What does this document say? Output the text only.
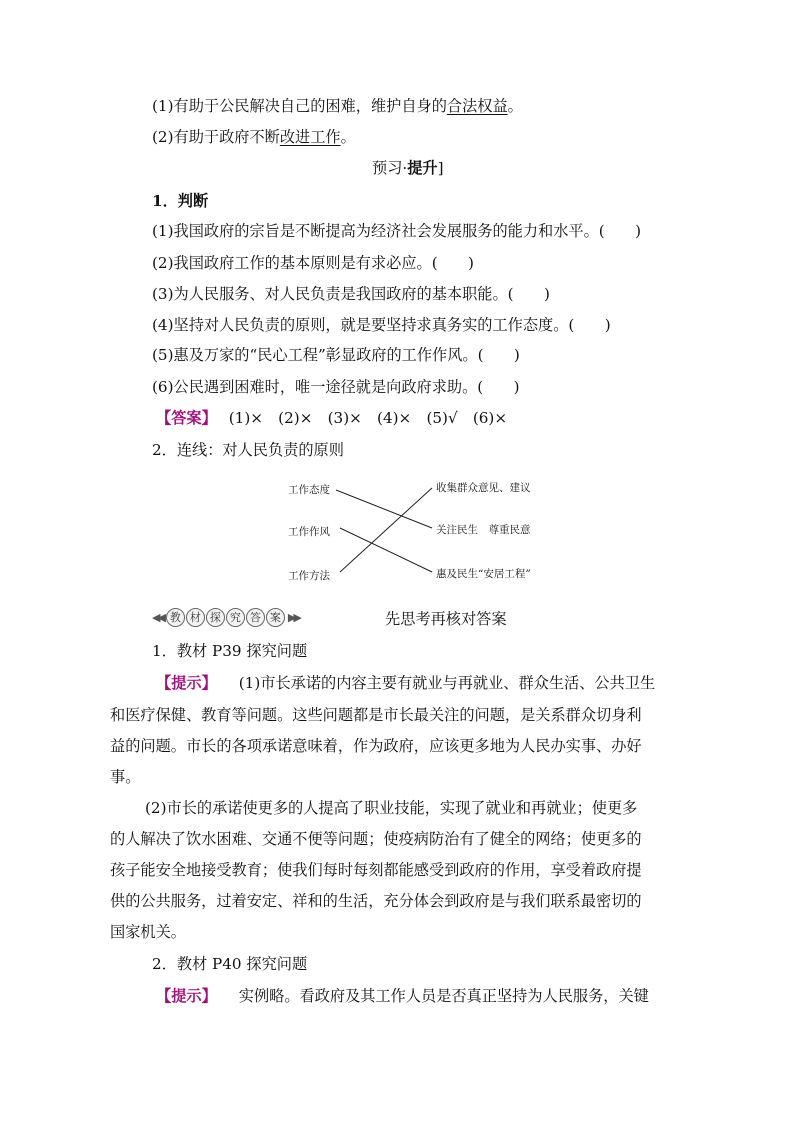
(1)有助于公民解决自己的困难，维护自身的合法权益。
(2)有助于政府不断改进工作。
预习·提升]
1．判断
(1)我国政府的宗旨是不断提高为经济社会发展服务的能力和水平。(　　)
(2)我国政府工作的基本原则是有求必应。(　　)
(3)为人民服务、对人民负责是我国政府的基本职能。(　　)
(4)坚持对人民负责的原则，就是要坚持求真务实的工作态度。(　　)
(5)惠及万家的“民心工程”彰显政府的工作作风。(　　)
(6)公民遇到困难时，唯一途径就是向政府求助。(　　)
【答案】 (1)×　(2)×　(3)×　(4)×　(5)√　(6)×
2．连线：对人民负责的原则
工作态度
工作作风
工作方法
收集群众意见、建议
关注民生　尊重民意
惠及民生“安居工程”
◀◀ 教 材 探 究 答 案 ▶▶	先思考再核对答案
1．教材 P39 探究问题
【提示】 (1)市长承诺的内容主要有就业与再就业、群众生活、公共卫生
和医疗保健、教育等问题。这些问题都是市长最关注的问题，是关系群众切身利
益的问题。市长的各项承诺意味着，作为政府，应该更多地为人民办实事、办好
事。
(2)市长的承诺使更多的人提高了职业技能，实现了就业和再就业；使更多
的人解决了饮水困难、交通不便等问题；使疫病防治有了健全的网络；使更多的
孩子能安全地接受教育；使我们每时每刻都能感受到政府的作用，享受着政府提
供的公共服务，过着安定、祥和的生活，充分体会到政府是与我们联系最密切的
国家机关。
2．教材 P40 探究问题
【提示】 实例略。看政府及其工作人员是否真正坚持为人民服务，关键
